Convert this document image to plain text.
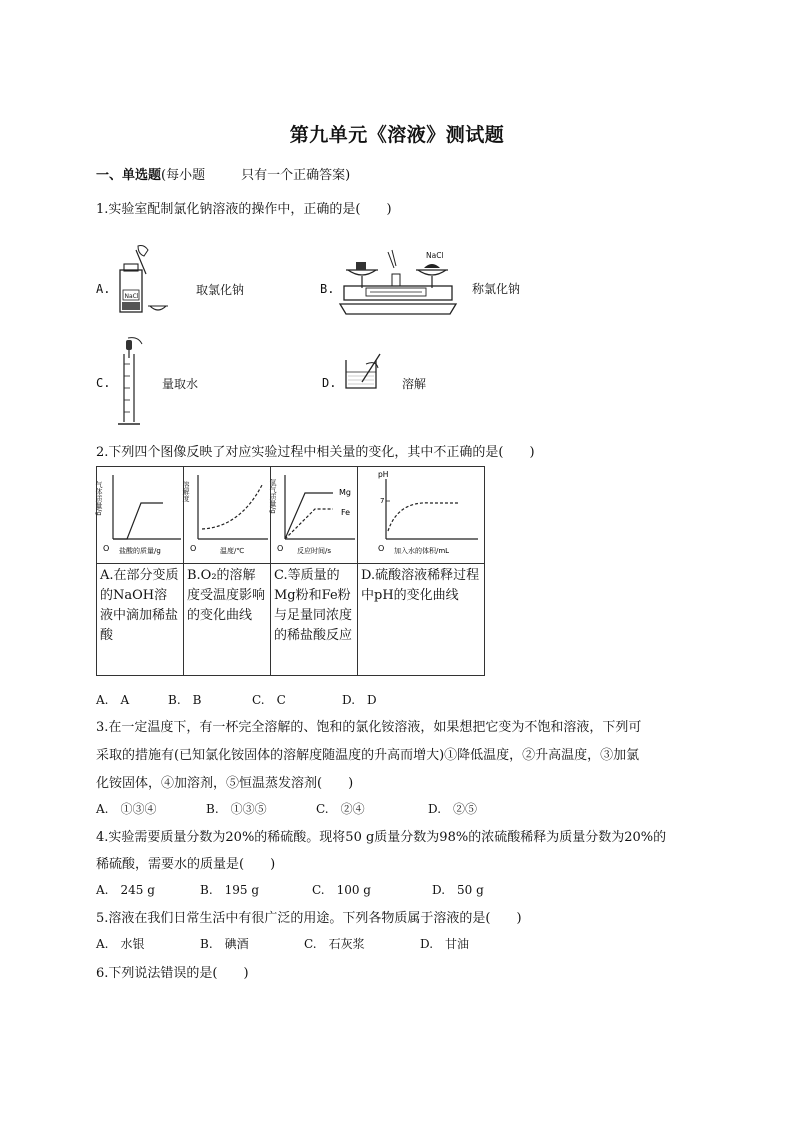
第九单元《溶液》测试题
一、单选题(每小题	只有一个正确答案)
1.实验室配制氯化钠溶液的操作中，正确的是(　　)
A.
NaCl	取氯化钠	B.
NaCl
称氯化钠
C.	量取水	D.	溶解
2.下列四个图像反映了对应实验过程中相关量的变化，其中不正确的是(　　)
O
气体质量/g
盐酸的质量/g	O
溶解度
温度/℃	O
氢气质量/g Mg
Fe
反应时间/s	pH
7
O 加入水的体积/mL

A.在部分变质的NaOH溶液中滴加稀盐酸	B.O₂的溶解度受温度影响的变化曲线	C.等质量的Mg粉和Fe粉与足量同浓度的稀盐酸反应	D.硫酸溶液稀释过程中pH的变化曲线
A.　A	B.　B	C.　C	D.　D
3.在一定温度下，有一杯完全溶解的、饱和的氯化铵溶液，如果想把它变为不饱和溶液，下列可
采取的措施有(已知氯化铵固体的溶解度随温度的升高而增大)①降低温度，②升高温度，③加氯
化铵固体，④加溶剂，⑤恒温蒸发溶剂(　　)
A.　①③④	B.　①③⑤	C.　②④	D.　②⑤
4.实验需要质量分数为20%的稀硫酸。现将50 g质量分数为98%的浓硫酸稀释为质量分数为20%的
稀硫酸，需要水的质量是(　　)
A.　245 g	B.　195 g	C.　100 g	D.　50 g
5.溶液在我们日常生活中有很广泛的用途。下列各物质属于溶液的是(　　)
A.　水银	B.　碘酒	C.　石灰浆	D.　甘油
6.下列说法错误的是(　　)
